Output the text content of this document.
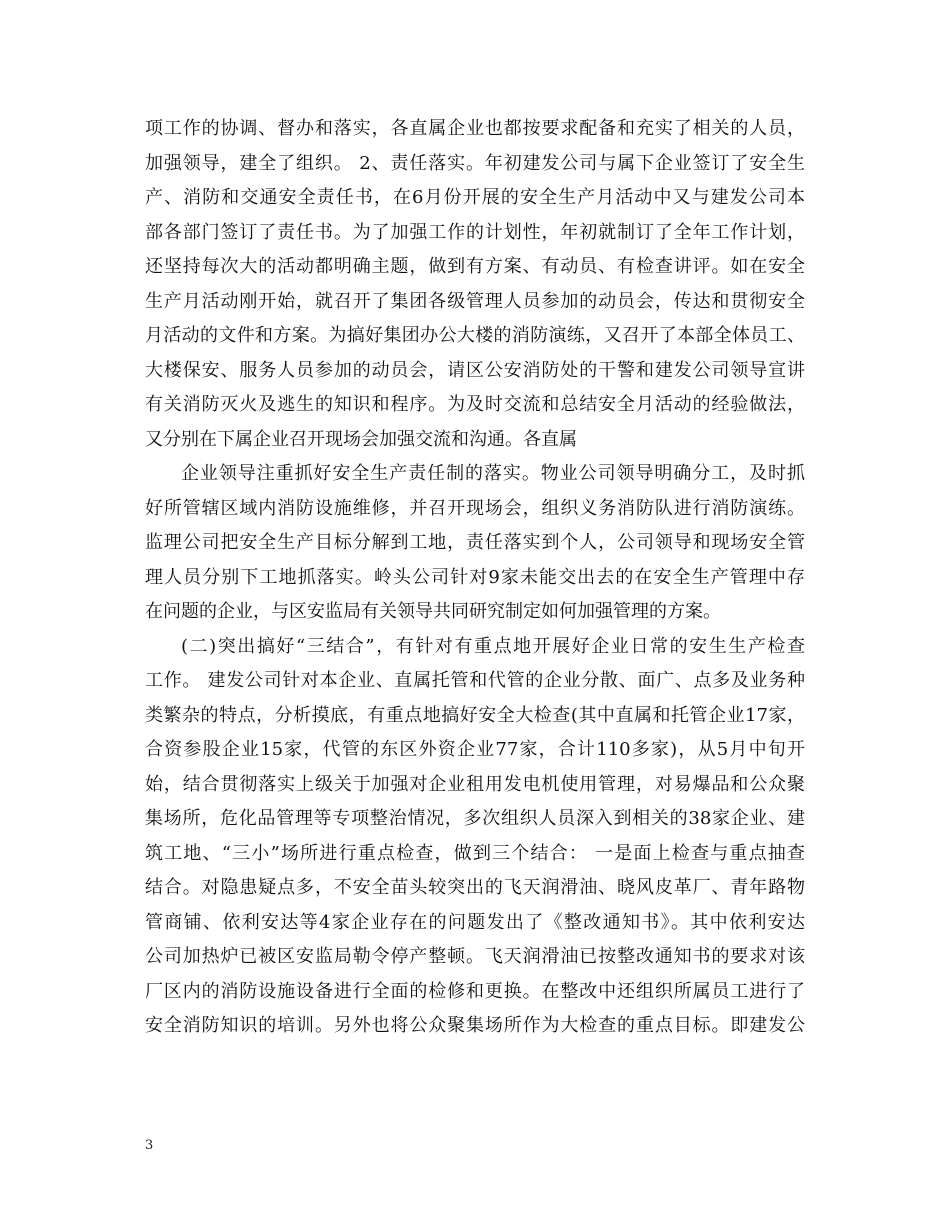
项工作的协调、督办和落实，各直属企业也都按要求配备和充实了相关的人员，
加强领导，建全了组织。 2、责任落实。年初建发公司与属下企业签订了安全生
产、消防和交通安全责任书，在6月份开展的安全生产月活动中又与建发公司本
部各部门签订了责任书。为了加强工作的计划性，年初就制订了全年工作计划，
还坚持每次大的活动都明确主题，做到有方案、有动员、有检查讲评。如在安全
生产月活动刚开始，就召开了集团各级管理人员参加的动员会，传达和贯彻安全
月活动的文件和方案。为搞好集团办公大楼的消防演练，又召开了本部全体员工、
大楼保安、服务人员参加的动员会，请区公安消防处的干警和建发公司领导宣讲
有关消防灭火及逃生的知识和程序。为及时交流和总结安全月活动的经验做法，
又分别在下属企业召开现场会加强交流和沟通。各直属
企业领导注重抓好安全生产责任制的落实。物业公司领导明确分工，及时抓
好所管辖区域内消防设施维修，并召开现场会，组织义务消防队进行消防演练。
监理公司把安全生产目标分解到工地，责任落实到个人，公司领导和现场安全管
理人员分别下工地抓落实。岭头公司针对9家未能交出去的在安全生产管理中存
在问题的企业，与区安监局有关领导共同研究制定如何加强管理的方案。
(二)突出搞好“三结合”，有针对有重点地开展好企业日常的安生生产检查
工作。 建发公司针对本企业、直属托管和代管的企业分散、面广、点多及业务种
类繁杂的特点，分析摸底，有重点地搞好安全大检查(其中直属和托管企业17家，
合资参股企业15家，代管的东区外资企业77家，合计110多家)，从5月中旬开
始，结合贯彻落实上级关于加强对企业租用发电机使用管理，对易爆品和公众聚
集场所，危化品管理等专项整治情况，多次组织人员深入到相关的38家企业、建
筑工地、“三小”场所进行重点检查，做到三个结合： 一是面上检查与重点抽查
结合。对隐患疑点多，不安全苗头较突出的飞天润滑油、晓风皮革厂、青年路物
管商铺、依利安达等4家企业存在的问题发出了《整改通知书》。其中依利安达
公司加热炉已被区安监局勒令停产整顿。飞天润滑油已按整改通知书的要求对该
厂区内的消防设施设备进行全面的检修和更换。在整改中还组织所属员工进行了
安全消防知识的培训。另外也将公众聚集场所作为大检查的重点目标。即建发公
3
